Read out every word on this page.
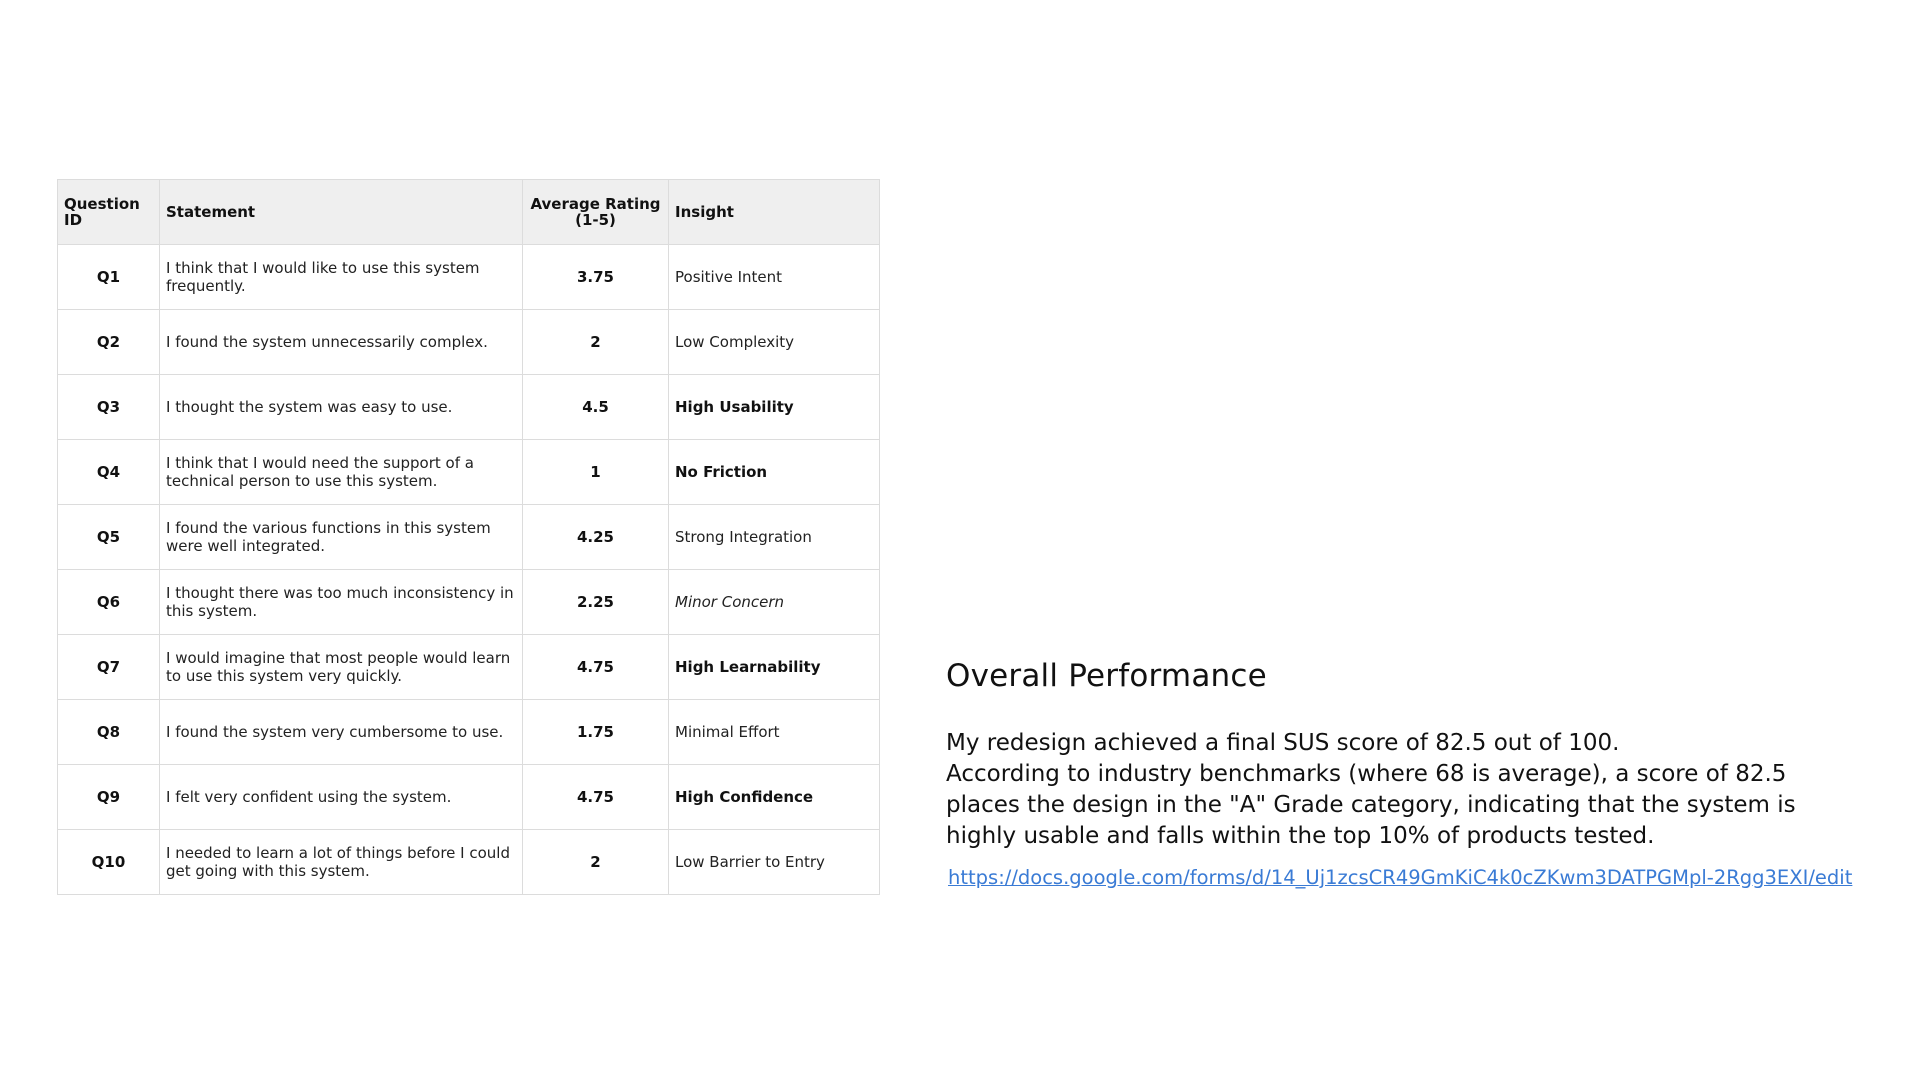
Question ID	Statement	Average Rating (1-5)	Insight
Q1	I think that I would like to use this system frequently.	3.75	Positive Intent
Q2	I found the system unnecessarily complex.	2	Low Complexity
Q3	I thought the system was easy to use.	4.5	High Usability
Q4	I think that I would need the support of a technical person to use this system.	1	No Friction
Q5	I found the various functions in this system were well integrated.	4.25	Strong Integration
Q6	I thought there was too much inconsistency in this system.	2.25	Minor Concern
Q7	I would imagine that most people would learn to use this system very quickly.	4.75	High Learnability
Q8	I found the system very cumbersome to use.	1.75	Minimal Effort
Q9	I felt very confident using the system.	4.75	High Confidence
Q10	I needed to learn a lot of things before I could get going with this system.	2	Low Barrier to Entry
Overall Performance

My redesign achieved a final SUS score of 82.5 out of 100.

According to industry benchmarks (where 68 is average), a score of 82.5 places the design in the "A" Grade category, indicating that the system is highly usable and falls within the top 10% of products tested.

https://docs.google.com/forms/d/14_Uj1zcsCR49GmKiC4k0cZKwm3DATPGMpl-2Rgg3EXI/edit
